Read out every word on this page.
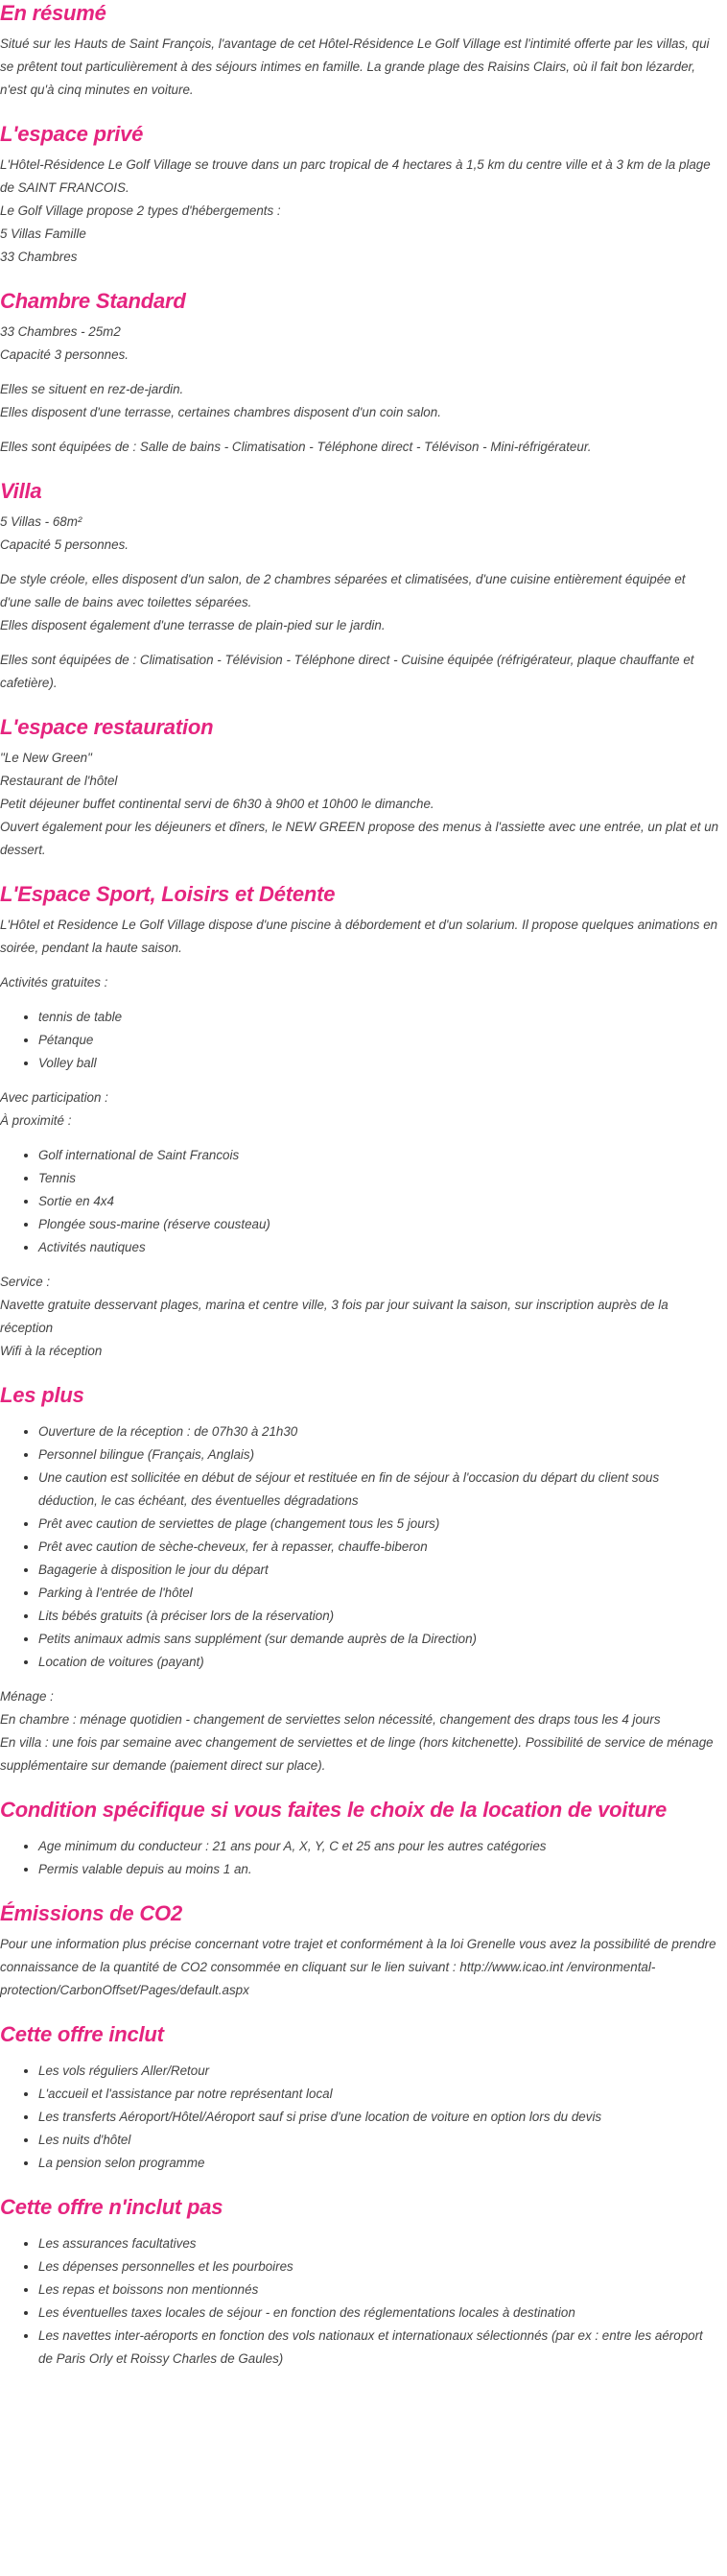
En résumé

Situé sur les Hauts de Saint François, l'avantage de cet Hôtel-Résidence Le Golf Village est l'intimité offerte par les villas, qui se prêtent tout particulièrement à des séjours intimes en famille. La grande plage des Raisins Clairs, où il fait bon lézarder, n'est qu'à cinq minutes en voiture.

L'espace privé

L'Hôtel-Résidence Le Golf Village se trouve dans un parc tropical de 4 hectares à 1,5 km du centre ville et à 3 km de la plage de SAINT FRANCOIS.
Le Golf Village propose 2 types d'hébergements :
5 Villas Famille
33 Chambres

Chambre Standard

33 Chambres - 25m2
Capacité 3 personnes.

Elles se situent en rez-de-jardin.
Elles disposent d'une terrasse, certaines chambres disposent d'un coin salon.

Elles sont équipées de : Salle de bains - Climatisation - Téléphone direct - Télévison - Mini-réfrigérateur.

Villa

5 Villas - 68m²
Capacité 5 personnes.

De style créole, elles disposent d'un salon, de 2 chambres séparées et climatisées, d'une cuisine entièrement équipée et d'une salle de bains avec toilettes séparées.
Elles disposent également d'une terrasse de plain-pied sur le jardin.

Elles sont équipées de : Climatisation - Télévision - Téléphone direct - Cuisine équipée (réfrigérateur, plaque chauffante et cafetière).

L'espace restauration

"Le New Green"
Restaurant de l'hôtel
Petit déjeuner buffet continental servi de 6h30 à 9h00 et 10h00 le dimanche.
Ouvert également pour les déjeuners et dîners, le NEW GREEN propose des menus à l'assiette avec une entrée, un plat et un dessert.

L'Espace Sport, Loisirs et Détente

L'Hôtel et Residence Le Golf Village dispose d'une piscine à débordement et d'un solarium. Il propose quelques animations en soirée, pendant la haute saison.

Activités gratuites :

• tennis de table
• Pétanque
• Volley ball

Avec participation :
À proximité :

• Golf international de Saint Francois
• Tennis
• Sortie en 4x4
• Plongée sous-marine (réserve cousteau)
• Activités nautiques

Service :
Navette gratuite desservant plages, marina et centre ville, 3 fois par jour suivant la saison, sur inscription auprès de la réception
Wifi à la réception

Les plus
• Ouverture de la réception : de 07h30 à 21h30
• Personnel bilingue (Français, Anglais)
• Une caution est sollicitée en début de séjour et restituée en fin de séjour à l'occasion du départ du client sous déduction, le cas échéant, des éventuelles dégradations
• Prêt avec caution de serviettes de plage (changement tous les 5 jours)
• Prêt avec caution de sèche-cheveux, fer à repasser, chauffe-biberon
• Bagagerie à disposition le jour du départ
• Parking à l'entrée de l'hôtel
• Lits bébés gratuits (à préciser lors de la réservation)
• Petits animaux admis sans supplément (sur demande auprès de la Direction)
• Location de voitures (payant)

Ménage :
En chambre : ménage quotidien - changement de serviettes selon nécessité, changement des draps tous les 4 jours
En villa : une fois par semaine avec changement de serviettes et de linge (hors kitchenette). Possibilité de service de ménage supplémentaire sur demande (paiement direct sur place).

Condition spécifique si vous faites le choix de la location de voiture
• Age minimum du conducteur : 21 ans pour A, X, Y, C et 25 ans pour les autres catégories
• Permis valable depuis au moins 1 an.
Émissions de CO2

Pour une information plus précise concernant votre trajet et conformément à la loi Grenelle vous avez la possibilité de prendre connaissance de la quantité de CO2 consommée en cliquant sur le lien suivant : http://www.icao.int /environmental-protection/CarbonOffset/Pages/default.aspx

Cette offre inclut
• Les vols réguliers Aller/Retour
• L'accueil et l'assistance par notre représentant local
• Les transferts Aéroport/Hôtel/Aéroport sauf si prise d'une location de voiture en option lors du devis
• Les nuits d'hôtel
• La pension selon programme
Cette offre n'inclut pas
• Les assurances facultatives
• Les dépenses personnelles et les pourboires
• Les repas et boissons non mentionnés
• Les éventuelles taxes locales de séjour - en fonction des réglementations locales à destination
• Les navettes inter-aéroports en fonction des vols nationaux et internationaux sélectionnés (par ex : entre les aéroport de Paris Orly et Roissy Charles de Gaules)
